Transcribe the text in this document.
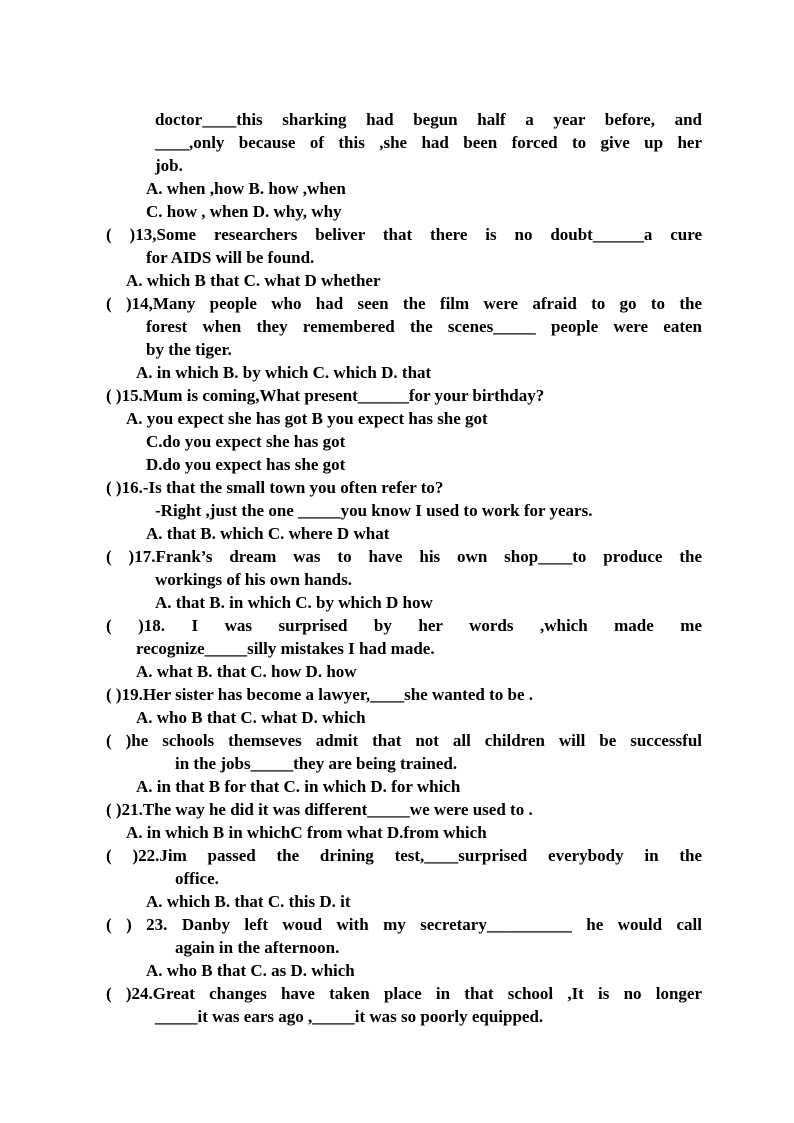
doctor____this sharking had begun half a year before, and
____,only because of this ,she had been forced to give up her
job.
A. when ,how B. how ,when
C. how , when D. why, why
( )13,Some researchers beliver that there is no doubt______a cure
for AIDS will be found.
A. which B that C. what D whether
( )14,Many people who had seen the film were afraid to go to the
forest when they remembered the scenes_____ people were eaten
by the tiger.
A. in which B. by which C. which D. that
( )15.Mum is coming,What present______for your birthday?
A. you expect she has got B you expect has she got
C.do you expect she has got
D.do you expect has she got
( )16.-Is that the small town you often refer to?
-Right ,just the one _____you know I used to work for years.
A. that B. which C. where D what
( )17.Frank’s dream was to have his own shop____to produce the
workings of his own hands.
A. that B. in which C. by which D how
( )18. I was surprised by her words ,which made me
recognize_____silly mistakes I had made.
A. what B. that C. how D. how
( )19.Her sister has become a lawyer,____she wanted to be .
A. who B that C. what D. which
( )he schools themseves admit that not all children will be successful
in the jobs_____they are being trained.
A. in that B for that C. in which D. for which
( )21.The way he did it was different_____we were used to .
A. in which B in whichC from what D.from which
( )22.Jim passed the drining test,____surprised everybody in the
office.
A. which B. that C. this D. it
( ) 23. Danby left woud with my secretary__________ he would call
again in the afternoon.
A. who B that C. as D. which
( )24.Great changes have taken place in that school ,It is no longer
_____it was ears ago ,_____it was so poorly equipped.
